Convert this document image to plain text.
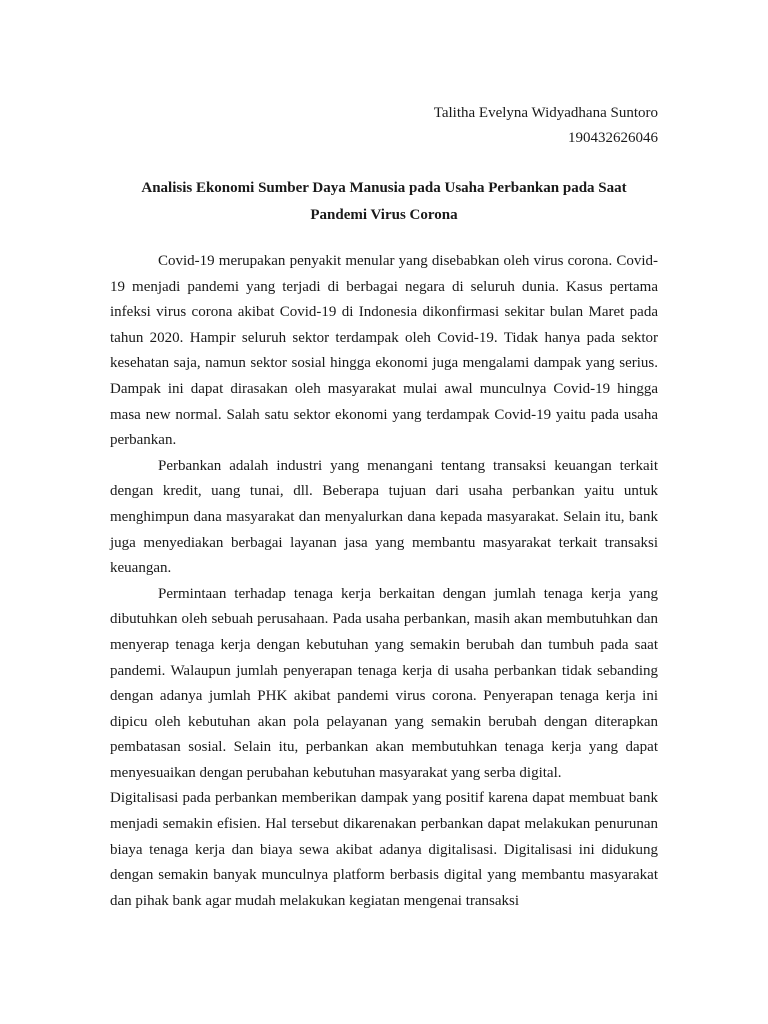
Talitha Evelyna Widyadhana Suntoro
190432626046
Analisis Ekonomi Sumber Daya Manusia pada Usaha Perbankan pada Saat
Pandemi Virus Corona

Covid-19 merupakan penyakit menular yang disebabkan oleh virus corona. Covid-19 menjadi pandemi yang terjadi di berbagai negara di seluruh dunia. Kasus pertama infeksi virus corona akibat Covid-19 di Indonesia dikonfirmasi sekitar bulan Maret pada tahun 2020. Hampir seluruh sektor terdampak oleh Covid-19. Tidak hanya pada sektor kesehatan saja, namun sektor sosial hingga ekonomi juga mengalami dampak yang serius. Dampak ini dapat dirasakan oleh masyarakat mulai awal munculnya Covid-19 hingga masa new normal. Salah satu sektor ekonomi yang terdampak Covid-19 yaitu pada usaha perbankan.

Perbankan adalah industri yang menangani tentang transaksi keuangan terkait dengan kredit, uang tunai, dll. Beberapa tujuan dari usaha perbankan yaitu untuk menghimpun dana masyarakat dan menyalurkan dana kepada masyarakat. Selain itu, bank juga menyediakan berbagai layanan jasa yang membantu masyarakat terkait transaksi keuangan.

Permintaan terhadap tenaga kerja berkaitan dengan jumlah tenaga kerja yang dibutuhkan oleh sebuah perusahaan. Pada usaha perbankan, masih akan membutuhkan dan menyerap tenaga kerja dengan kebutuhan yang semakin berubah dan tumbuh pada saat pandemi. Walaupun jumlah penyerapan tenaga kerja di usaha perbankan tidak sebanding dengan adanya jumlah PHK akibat pandemi virus corona. Penyerapan tenaga kerja ini dipicu oleh kebutuhan akan pola pelayanan yang semakin berubah dengan diterapkan pembatasan sosial. Selain itu, perbankan akan membutuhkan tenaga kerja yang dapat menyesuaikan dengan perubahan kebutuhan masyarakat yang serba digital.

Digitalisasi pada perbankan memberikan dampak yang positif karena dapat membuat bank menjadi semakin efisien. Hal tersebut dikarenakan perbankan dapat melakukan penurunan biaya tenaga kerja dan biaya sewa akibat adanya digitalisasi. Digitalisasi ini didukung dengan semakin banyak munculnya platform berbasis digital yang membantu masyarakat dan pihak bank agar mudah melakukan kegiatan mengenai transaksi
